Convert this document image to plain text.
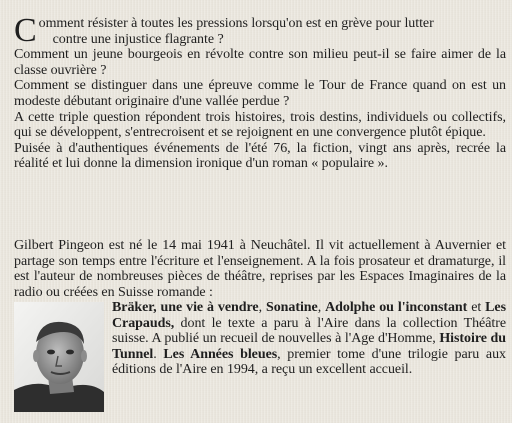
Comment résister à toutes les pressions lorsqu'on est en grève pour lutter
contre une injustice flagrante ?

Comment un jeune bourgeois en révolte contre son milieu peut-il se faire aimer de la classe ouvrière ?

Comment se distinguer dans une épreuve comme le Tour de France quand on est un modeste débutant originaire d'une vallée perdue ?

A cette triple question répondent trois histoires, trois destins, individuels ou collectifs, qui se développent, s'entrecroisent et se rejoignent en une convergence plutôt épique.

Puisée à d'authentiques événements de l'été 76, la fiction, vingt ans après, recrée la réalité et lui donne la dimension ironique d'un roman « populaire ».

Gilbert Pingeon est né le 14 mai 1941 à Neuchâtel. Il vit actuellement à Auvernier et partage son temps entre l'écriture et l'enseignement. A la fois prosateur et dramaturge, il est l'auteur de nombreuses pièces de théâtre, reprises par les Espaces Imaginaires de la radio ou créées en Suisse romande :

Bräker, une vie à vendre, Sonatine, Adolphe ou l'inconstant et Les Crapauds, dont le texte a paru à l'Aire dans la collection Théâtre suisse. A publié un recueil de nouvelles à l'Age d'Homme, Histoire du Tunnel. Les Années bleues, premier tome d'une trilogie paru aux éditions de l'Aire en 1994, a reçu un excellent accueil.
